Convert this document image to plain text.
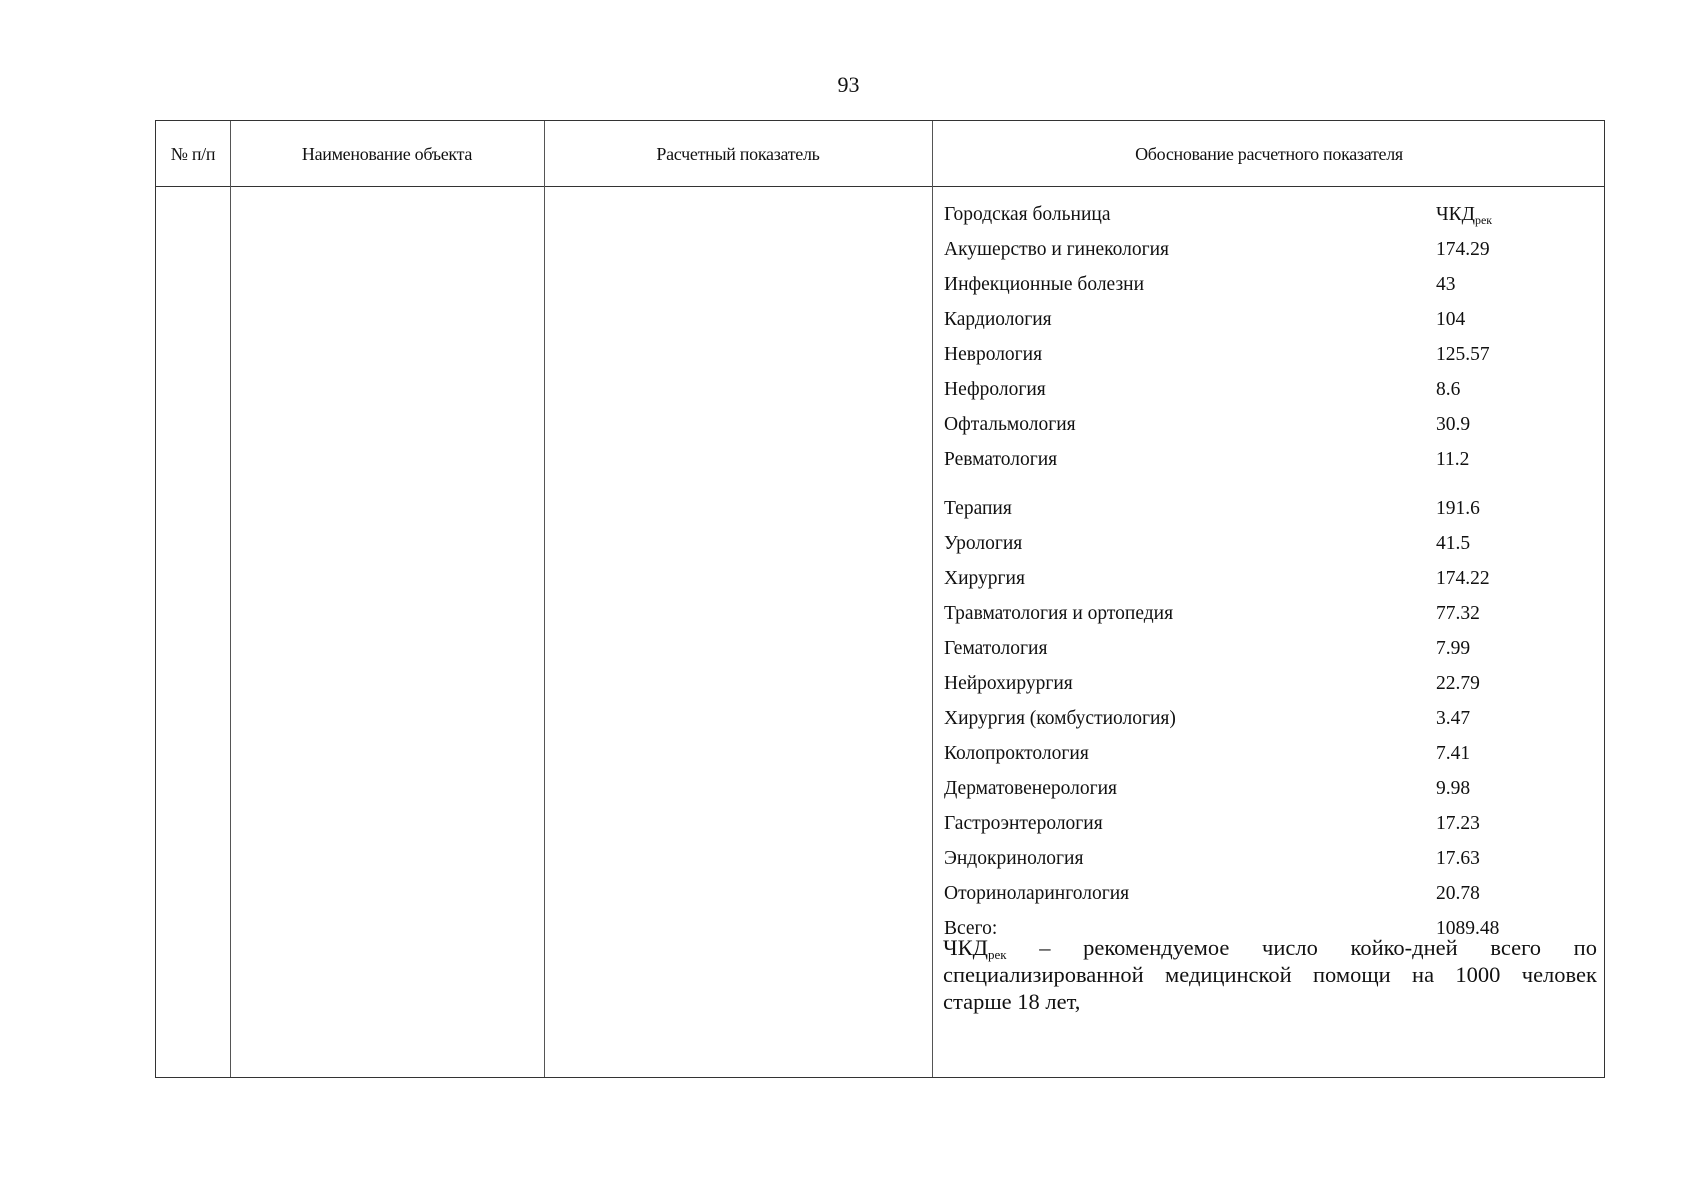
93
№ п/п	Наименование объекта	Расчетный показатель	Обоснование расчетного показателя
Городская больница	$ЧКД_{рек}$
Акушерство и гинекология	174.29
Инфекционные болезни	43
Кардиология	104
Неврология	125.57
Нефрология	8.6
Офтальмология	30.9
Ревматология	11.2
Терапия	191.6
Урология	41.5
Хирургия	174.22
Травматология и ортопедия	77.32
Гематология	7.99
Нейрохирургия	22.79
Хирургия (комбустиология)	3.47
Колопроктология	7.41
Дерматовенерология	9.98
Гастроэнтерология	17.23
Эндокринология	17.63
Оториноларингология	20.78
Всего:	1089.48
ЧКДрек – рекомендуемое число койко-дней всего по
специализированной медицинской помощи на 1000 человек
старше 18 лет,
